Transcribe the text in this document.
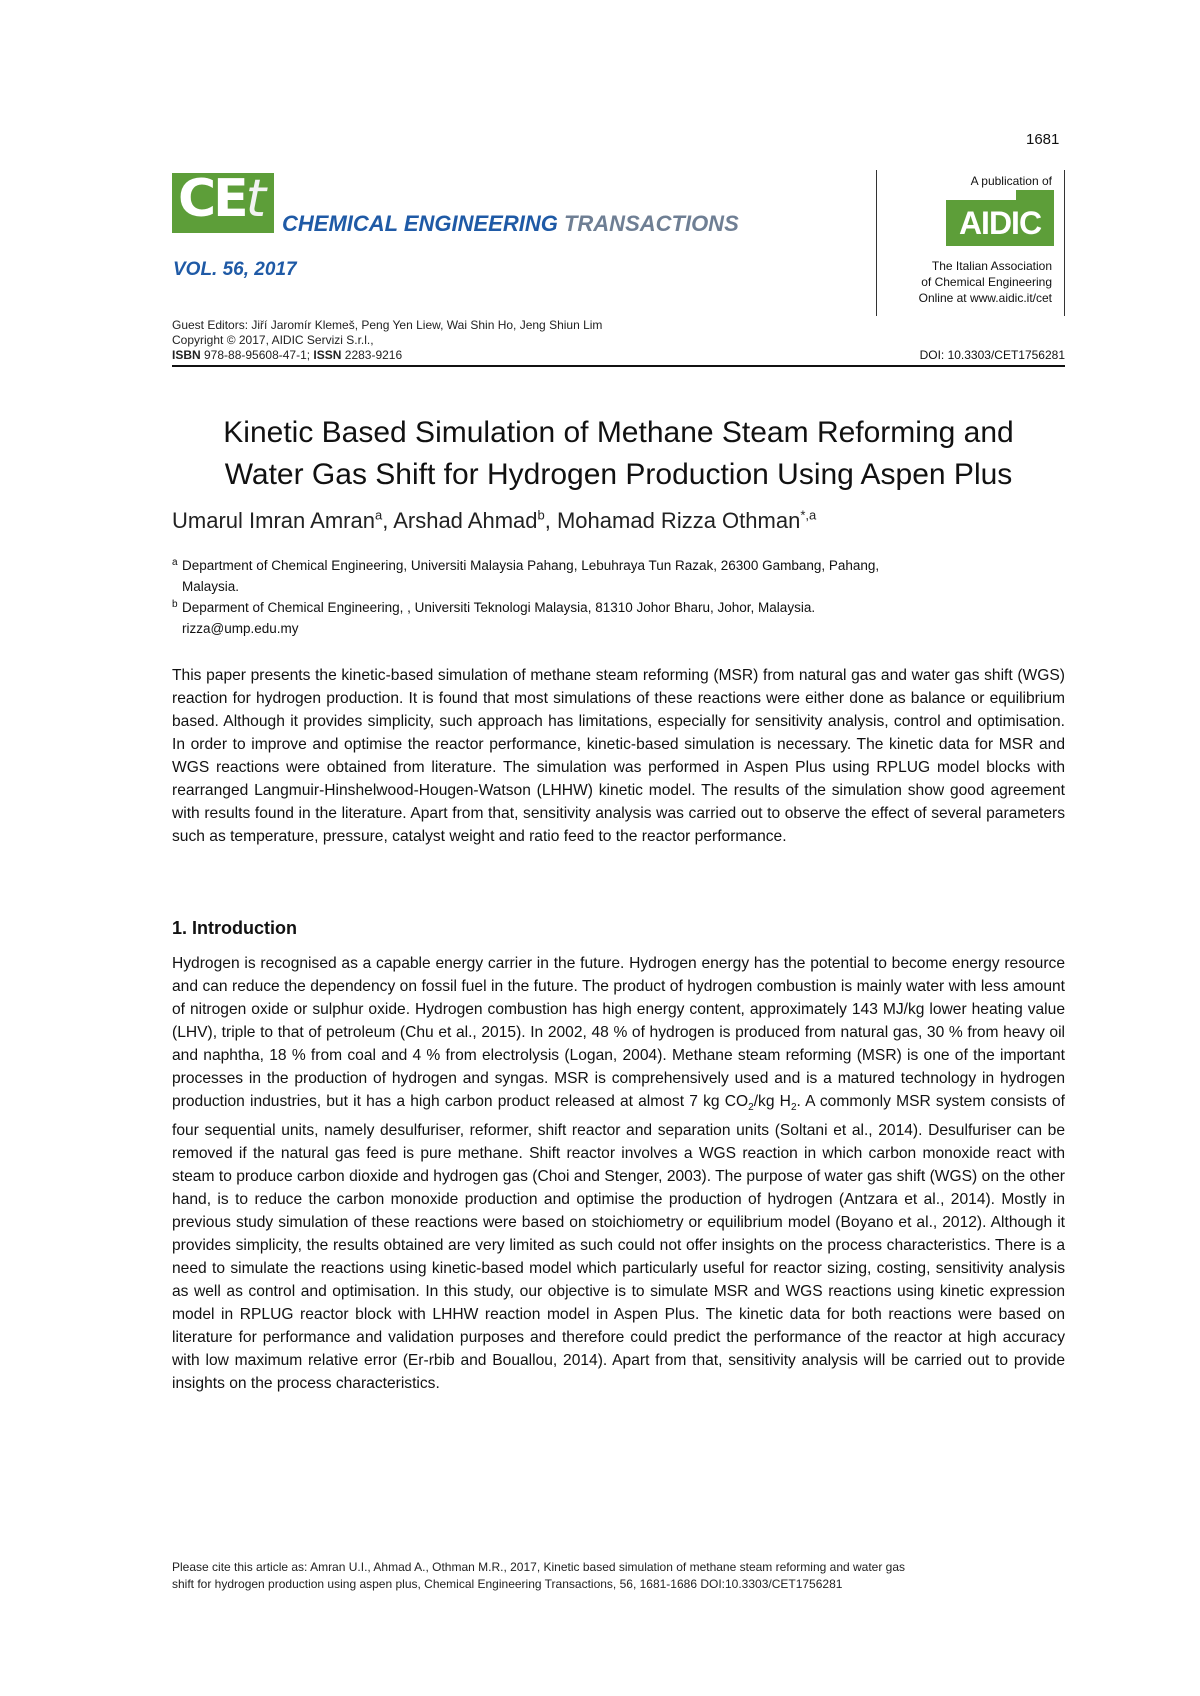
1681
CEt CHEMICAL ENGINEERING TRANSACTIONS
VOL. 56, 2017
Guest Editors: Jiří Jaromír Klemeš, Peng Yen Liew, Wai Shin Ho, Jeng Shiun Lim
Copyright © 2017, AIDIC Servizi S.r.l.,
ISBN 978-88-95608-47-1; ISSN 2283-9216
A publication of
AIDIC
The Italian Association
of Chemical Engineering
Online at www.aidic.it/cet
DOI: 10.3303/CET1756281
Kinetic Based Simulation of Methane Steam Reforming and
Water Gas Shift for Hydrogen Production Using Aspen Plus
Umarul Imran Amran$^a$, Arshad Ahmad$^b$, Mohamad Rizza Othman$^{*,a}$
a Department of Chemical Engineering, Universiti Malaysia Pahang, Lebuhraya Tun Razak, 26300 Gambang, Pahang,
Malaysia.
b Deparment of Chemical Engineering, , Universiti Teknologi Malaysia, 81310 Johor Bharu, Johor, Malaysia.
rizza@ump.edu.my

This paper presents the kinetic-based simulation of methane steam reforming (MSR) from natural gas and water gas shift (WGS) reaction for hydrogen production. It is found that most simulations of these reactions were either done as balance or equilibrium based. Although it provides simplicity, such approach has limitations, especially for sensitivity analysis, control and optimisation. In order to improve and optimise the reactor performance, kinetic-based simulation is necessary. The kinetic data for MSR and WGS reactions were obtained from literature. The simulation was performed in Aspen Plus using RPLUG model blocks with rearranged Langmuir-Hinshelwood-Hougen-Watson (LHHW) kinetic model. The results of the simulation show good agreement with results found in the literature. Apart from that, sensitivity analysis was carried out to observe the effect of several parameters such as temperature, pressure, catalyst weight and ratio feed to the reactor performance.

1. Introduction

Hydrogen is recognised as a capable energy carrier in the future. Hydrogen energy has the potential to become energy resource and can reduce the dependency on fossil fuel in the future. The product of hydrogen combustion is mainly water with less amount of nitrogen oxide or sulphur oxide. Hydrogen combustion has high energy content, approximately 143 MJ/kg lower heating value (LHV), triple to that of petroleum (Chu et al., 2015). In 2002, 48 % of hydrogen is produced from natural gas, 30 % from heavy oil and naphtha, 18 % from coal and 4 % from electrolysis (Logan, 2004). Methane steam reforming (MSR) is one of the important processes in the production of hydrogen and syngas. MSR is comprehensively used and is a matured technology in hydrogen production industries, but it has a high carbon product released at almost 7 kg $CO_2/kg$ $H_2$. A commonly MSR system consists of four sequential units, namely desulfuriser, reformer, shift reactor and separation units (Soltani et al., 2014). Desulfuriser can be removed if the natural gas feed is pure methane. Shift reactor involves a WGS reaction in which carbon monoxide react with steam to produce carbon dioxide and hydrogen gas (Choi and Stenger, 2003). The purpose of water gas shift (WGS) on the other hand, is to reduce the carbon monoxide production and optimise the production of hydrogen (Antzara et al., 2014). Mostly in previous study simulation of these reactions were based on stoichiometry or equilibrium model (Boyano et al., 2012). Although it provides simplicity, the results obtained are very limited as such could not offer insights on the process characteristics. There is a need to simulate the reactions using kinetic-based model which particularly useful for reactor sizing, costing, sensitivity analysis as well as control and optimisation. In this study, our objective is to simulate MSR and WGS reactions using kinetic expression model in RPLUG reactor block with LHHW reaction model in Aspen Plus. The kinetic data for both reactions were based on literature for performance and validation purposes and therefore could predict the performance of the reactor at high accuracy with low maximum relative error (Er-rbib and Bouallou, 2014). Apart from that, sensitivity analysis will be carried out to provide insights on the process characteristics.

Please cite this article as: Amran U.I., Ahmad A., Othman M.R., 2017, Kinetic based simulation of methane steam reforming and water gas
shift for hydrogen production using aspen plus, Chemical Engineering Transactions, 56, 1681-1686 DOI:10.3303/CET1756281
